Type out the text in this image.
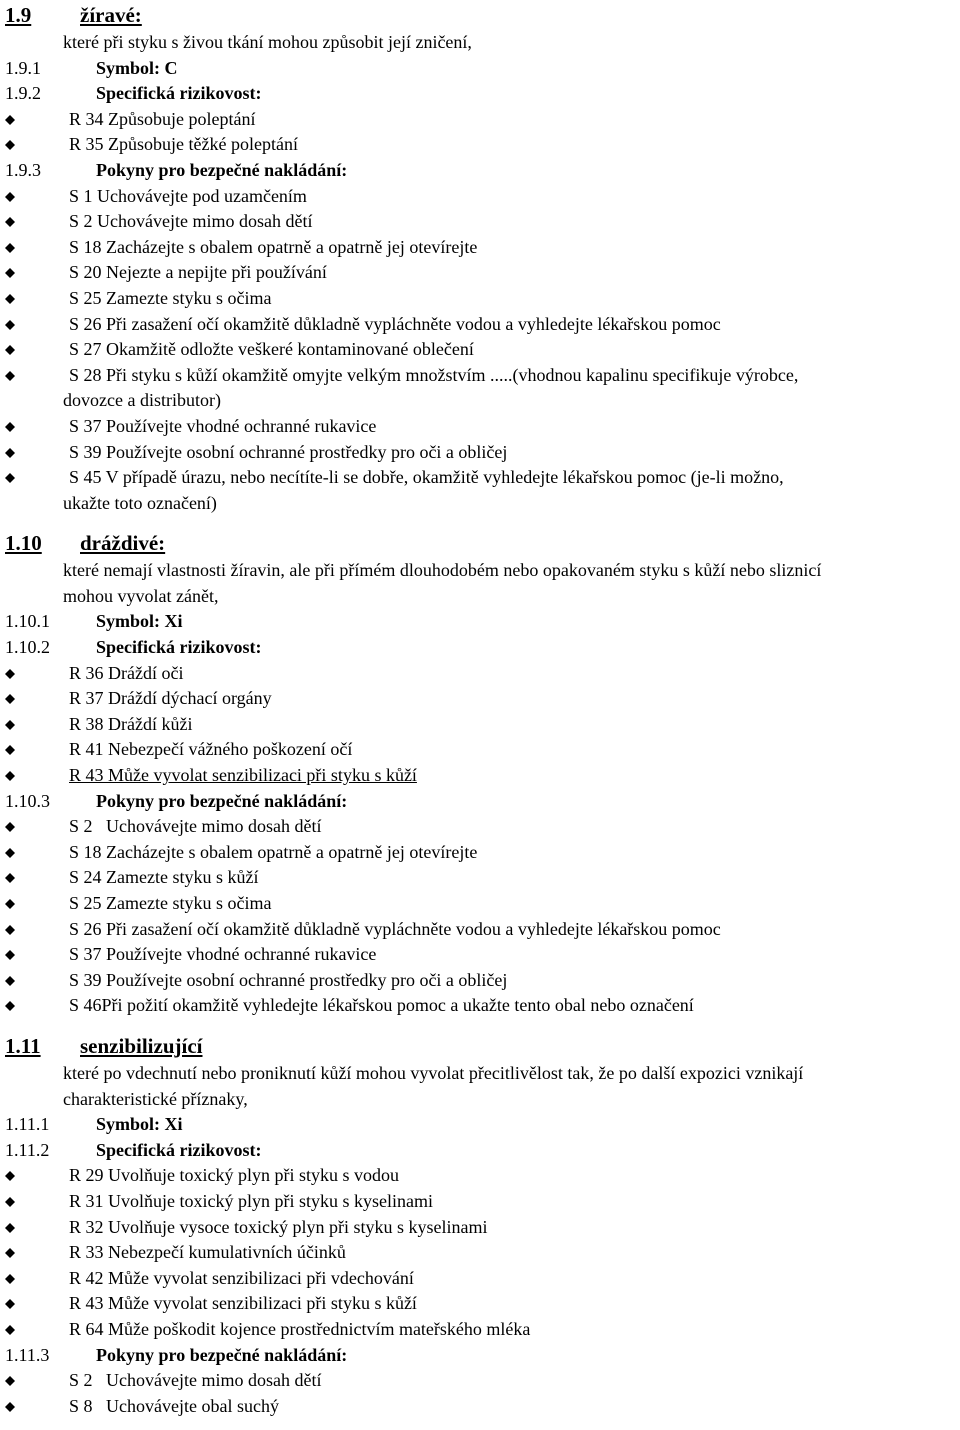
1.9 žíravé:
které při styku s živou tkání mohou způsobit její zničení,
1.9.1	Symbol: C
1.9.2	Specifická rizikovost:
R 34 Způsobuje poleptání
R 35 Způsobuje těžké poleptání
1.9.3	Pokyny pro bezpečné nakládání:
S 1 Uchovávejte pod uzamčením
S 2 Uchovávejte mimo dosah dětí
S 18 Zacházejte s obalem opatrně a opatrně jej otevírejte
S 20 Nejezte a nepijte při používání
S 25 Zamezte styku s očima
S 26 Při zasažení očí okamžitě důkladně vypláchněte vodou a vyhledejte lékařskou pomoc
S 27 Okamžitě odložte veškeré kontaminované oblečení
S 28 Při styku s kůží okamžitě omyjte velkým množstvím .....(vhodnou kapalinu specifikuje výrobce,
dovozce a distributor)
S 37 Používejte vhodné ochranné rukavice
S 39 Používejte osobní ochranné prostředky pro oči a obličej
S 45 V případě úrazu, nebo necítíte-li se dobře, okamžitě vyhledejte lékařskou pomoc (je-li možno,
ukažte toto označení)
1.10 dráždivé:
které nemají vlastnosti žíravin, ale při přímém dlouhodobém nebo opakovaném styku s kůží nebo sliznicí
mohou vyvolat zánět,
1.10.1	Symbol: Xi
1.10.2	Specifická rizikovost:
R 36 Dráždí oči
R 37 Dráždí dýchací orgány
R 38 Dráždí kůži
R 41 Nebezpečí vážného poškození očí
R 43 Může vyvolat senzibilizaci při styku s kůží
1.10.3	Pokyny pro bezpečné nakládání:
S 2   Uchovávejte mimo dosah dětí
S 18 Zacházejte s obalem opatrně a opatrně jej otevírejte
S 24 Zamezte styku s kůží
S 25 Zamezte styku s očima
S 26 Při zasažení očí okamžitě důkladně vypláchněte vodou a vyhledejte lékařskou pomoc
S 37 Používejte vhodné ochranné rukavice
S 39 Používejte osobní ochranné prostředky pro oči a obličej
S 46Při požití okamžitě vyhledejte lékařskou pomoc a ukažte tento obal nebo označení
1.11 senzibilizující
které po vdechnutí nebo proniknutí kůží mohou vyvolat přecitlivělost tak, že po další expozici vznikají
charakteristické příznaky,
1.11.1	Symbol: Xi
1.11.2	Specifická rizikovost:
R 29 Uvolňuje toxický plyn při styku s vodou
R 31 Uvolňuje toxický plyn při styku s kyselinami
R 32 Uvolňuje vysoce toxický plyn při styku s kyselinami
R 33 Nebezpečí kumulativních účinků
R 42 Může vyvolat senzibilizaci při vdechování
R 43 Může vyvolat senzibilizaci při styku s kůží
R 64 Může poškodit kojence prostřednictvím mateřského mléka
1.11.3	Pokyny pro bezpečné nakládání:
S 2   Uchovávejte mimo dosah dětí
S 8   Uchovávejte obal suchý
